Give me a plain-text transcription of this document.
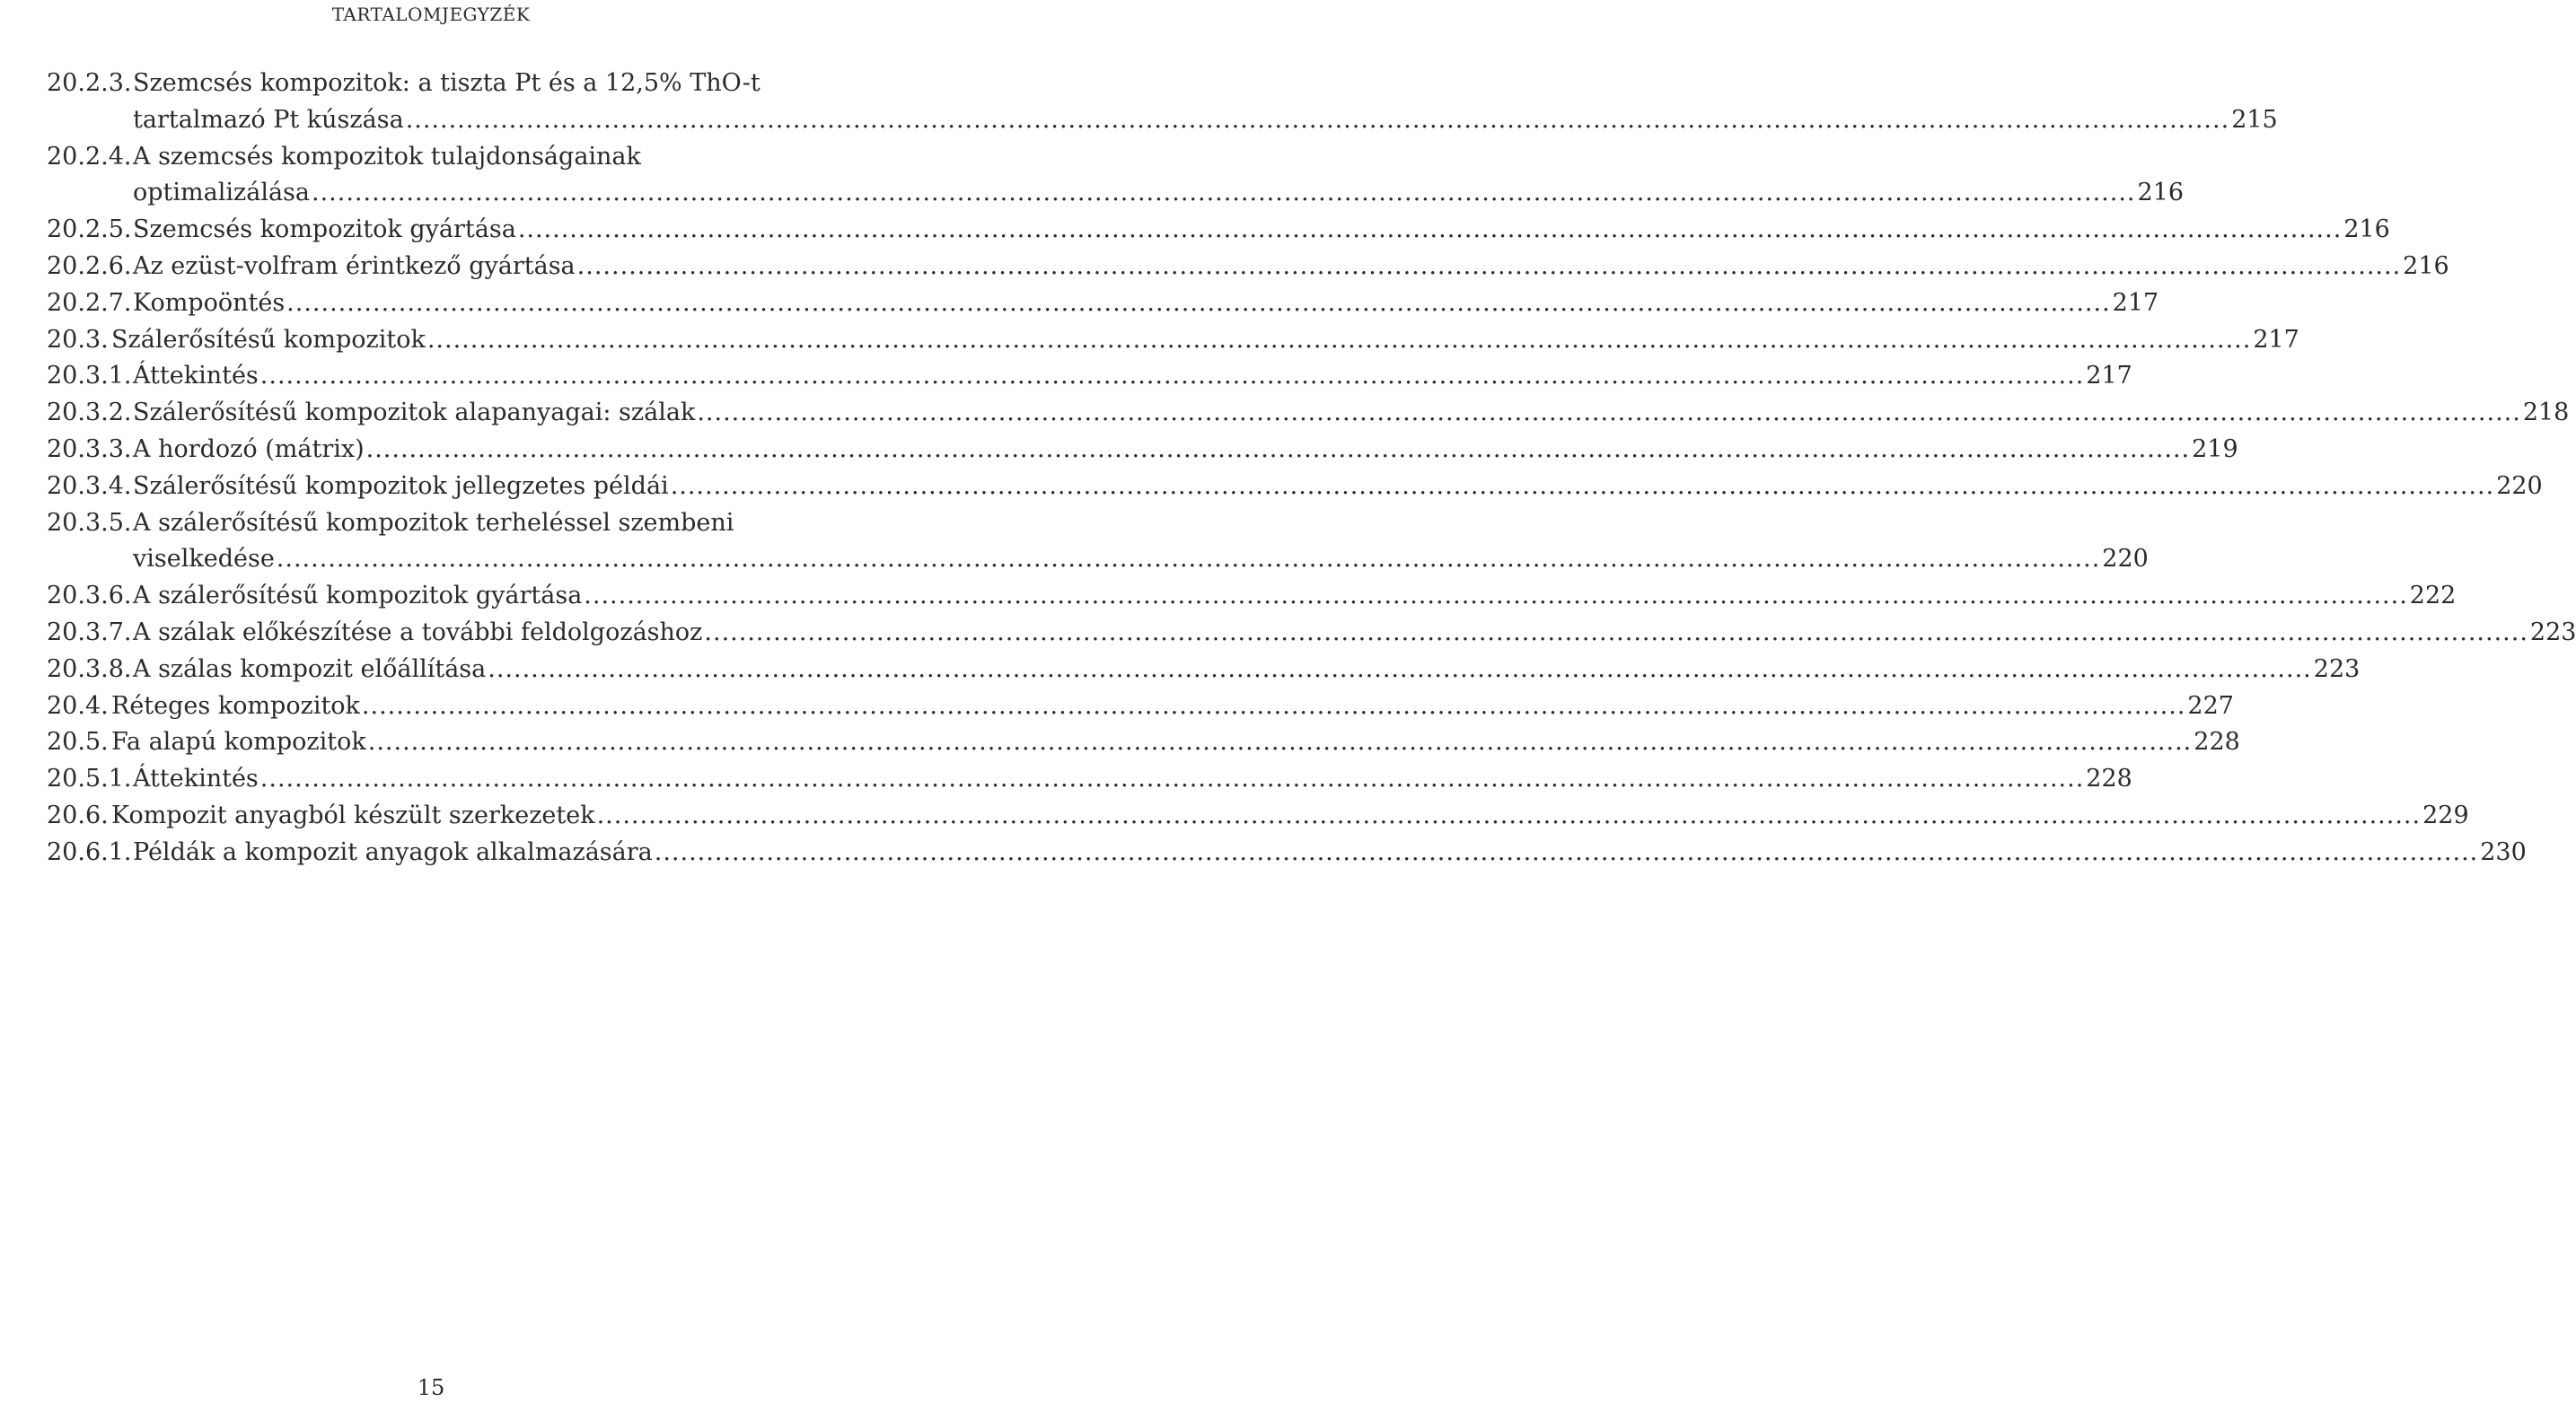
TARTALOMJEGYZÉK
20.2.3. Szemcsés kompozitok: a tiszta Pt és a 12,5% ThO-t
tartalmazó Pt kúszása .....	215
20.2.4. A szemcsés kompozitok tulajdonságainak
optimalizálása .....	216
20.2.5. Szemcsés kompozitok gyártása .....	216
20.2.6. Az ezüst-volfram érintkező gyártása .....	216
20.2.7. Kompoöntés .....	217
20.3. Szálerősítésű kompozitok .....	217
20.3.1. Áttekintés .....	217
20.3.2. Szálerősítésű kompozitok alapanyagai: szálak .....	218
20.3.3. A hordozó (mátrix) .....	219
20.3.4. Szálerősítésű kompozitok jellegzetes példái .....	220
20.3.5. A szálerősítésű kompozitok terheléssel szembeni
viselkedése .....	220
20.3.6. A szálerősítésű kompozitok gyártása .....	222
20.3.7. A szálak előkészítése a további feldolgozáshoz .....	223
20.3.8. A szálas kompozit előállítása .....	223
20.4. Réteges kompozitok .....	227
20.5. Fa alapú kompozitok .....	228
20.5.1. Áttekintés .....	228
20.6. Kompozit anyagból készült szerkezetek .....	229
20.6.1. Példák a kompozit anyagok alkalmazására .....	230
15
